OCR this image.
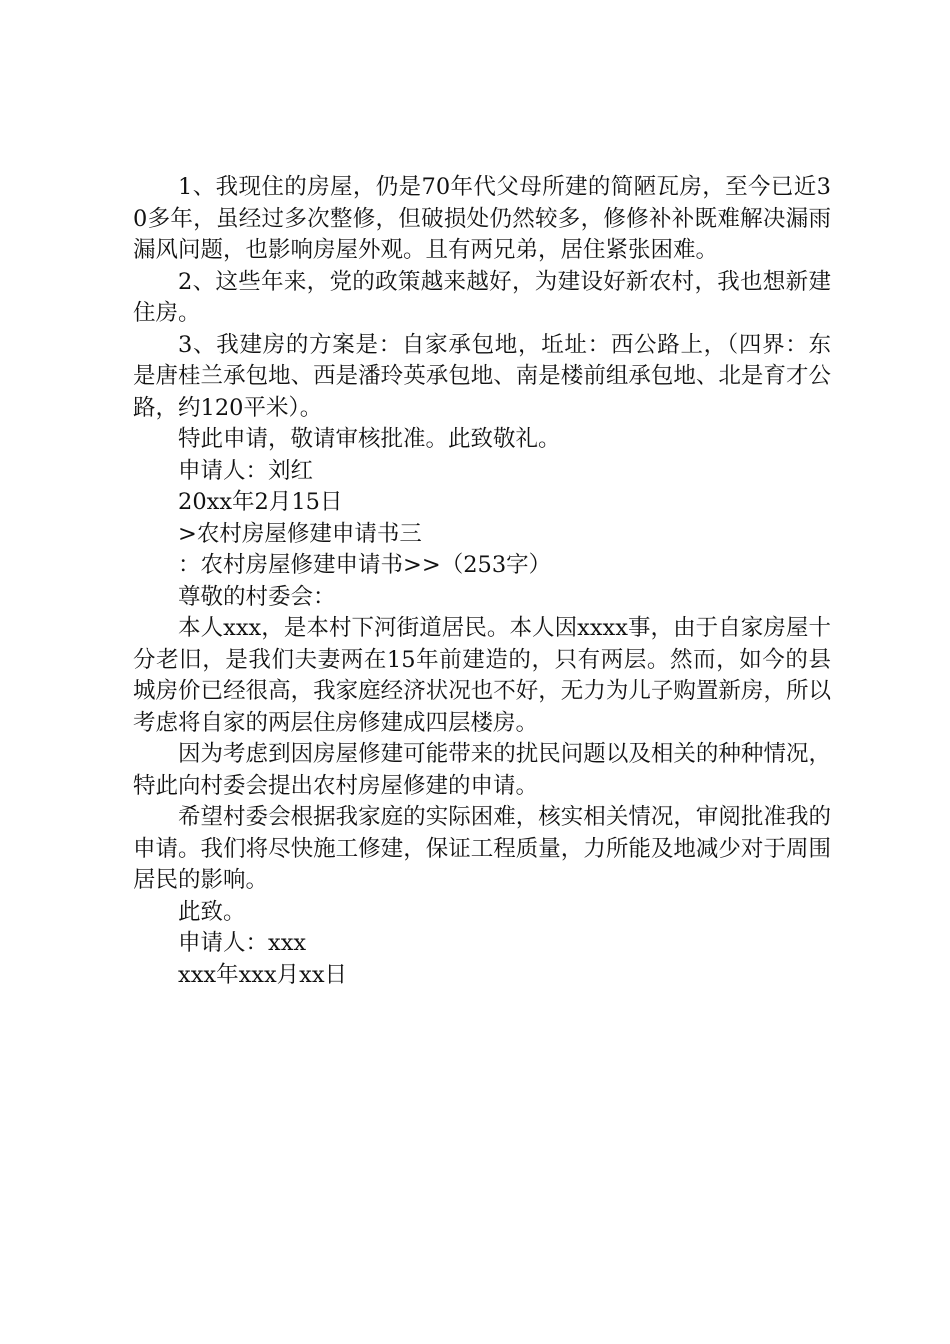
1、我现住的房屋，仍是70年代父母所建的简陋瓦房，至今已近30多年，虽经过多次整修，但破损处仍然较多，修修补补既难解决漏雨漏风问题，也影响房屋外观。且有两兄弟，居住紧张困难。

2、这些年来，党的政策越来越好，为建设好新农村，我也想新建住房。

3、我建房的方案是：自家承包地，坵址：西公路上，（四界：东是唐桂兰承包地、西是潘玲英承包地、南是楼前组承包地、北是育才公路，约120平米）。

特此申请，敬请审核批准。此致敬礼。

申请人：刘红

20xx年2月15日

>农村房屋修建申请书三

：农村房屋修建申请书>>（253字）

尊敬的村委会：

本人xxx，是本村下河街道居民。本人因xxxx事，由于自家房屋十分老旧，是我们夫妻两在15年前建造的，只有两层。然而，如今的县城房价已经很高，我家庭经济状况也不好，无力为儿子购置新房，所以考虑将自家的两层住房修建成四层楼房。

因为考虑到因房屋修建可能带来的扰民问题以及相关的种种情况，特此向村委会提出农村房屋修建的申请。

希望村委会根据我家庭的实际困难，核实相关情况，审阅批准我的申请。我们将尽快施工修建，保证工程质量，力所能及地减少对于周围居民的影响。

此致。

申请人：xxx

xxx年xxx月xx日
